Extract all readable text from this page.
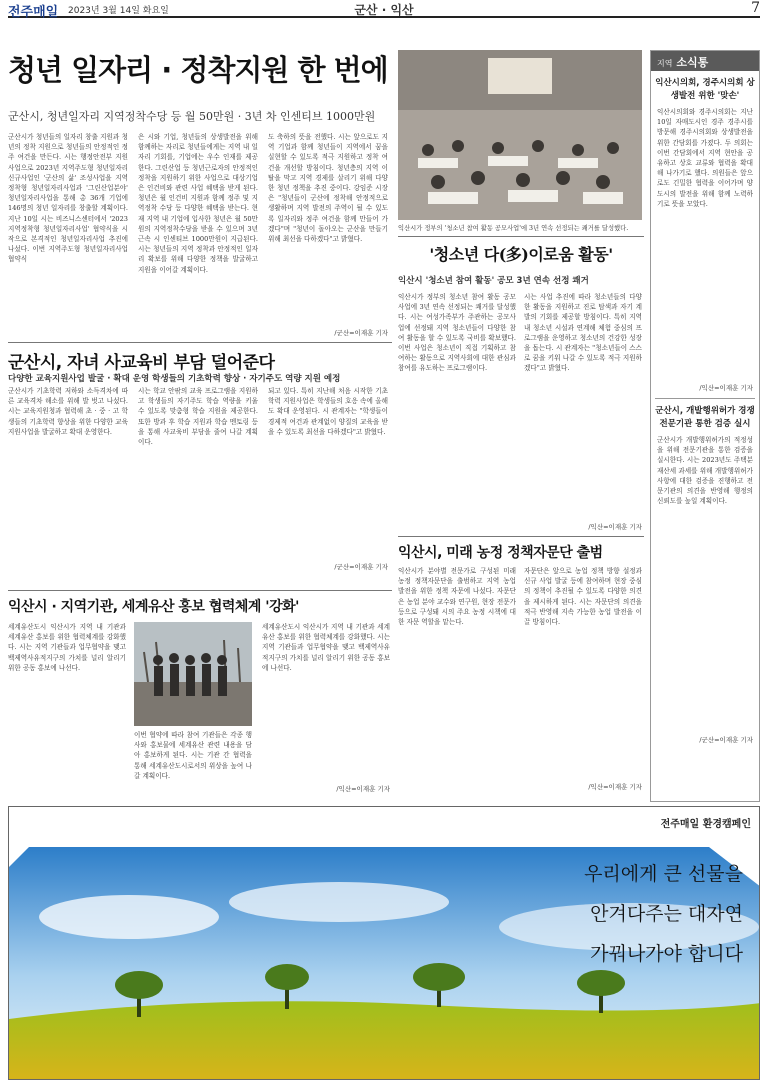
전주매일 2023년 3월 14일 화요일	군산 · 익산	7
청년 일자리 · 정착지원 한 번에
군산시, 청년일자리 지역정착수당 등 월 50만원 · 3년 차 인센티브 1000만원
군산시가 청년들의 일자리 창출 지원과 청년의 정착 지원으로 청년들의 안정적인 정주 여건을 만든다. 시는 행정안전부 지원사업으로 2023년 지역주도형 청년일자리 신규사업인 '군산의 삶' 조성사업을 지역정착형 청년일자리사업과 '그린산업분야' 청년일자리사업을 통해 총 36개 기업에 146명의 청년 일자리를 창출할 계획이다. 지난 10일 시는 비즈니스센터에서 '2023 지역정착형 청년일자리사업' 협약식을 시작으로 본격적인 청년일자리사업 추진에 나섰다. 이번 지역주도형 청년일자리사업 협약식
은 시와 기업, 청년들의 상생발전을 위해 함께하는 자리로 청년들에게는 지역 내 일자리 기회를, 기업에는 우수 인재를 제공한다. 그린산업 등 청년근로자의 안정적인 정착을 지원하기 위한 사업으로 대상기업은 인건비와 관련 사업 혜택을 받게 된다. 청년은 월 인건비 지원과 함께 정주 및 지역정착 수당 등 다양한 혜택을 받는다. 현재 지역 내 기업에 입사한 청년은 월 50만원의 지역정착수당을 받을 수 있으며 3년 근속 시 인센티브 1000만원이 지급된다. 시는 청년들의 지역 정착과 안정적인 일자리 확보를 위해 다양한 정책을 발굴하고 지원을 이어갈 계획이다.
도 축하의 뜻을 전했다. 시는 앞으로도 지역 기업과 함께 청년들이 지역에서 꿈을 실현할 수 있도록 적극 지원하고 정착 여건을 개선할 방침이다. 청년층의 지역 이탈을 막고 지역 경제를 살리기 위해 다양한 청년 정책을 추진 중이다. 강임준 시장은 "청년들이 군산에 정착해 안정적으로 생활하며 지역 발전의 주역이 될 수 있도록 일자리와 정주 여건을 함께 만들어 가겠다"며 "청년이 돌아오는 군산을 만들기 위해 최선을 다하겠다"고 밝혔다.
/군산=이재훈 기자
익산시가 정부의 '청소년 참여 활동 공모사업'에 3년 연속 선정되는 쾌거를 달성했다.
'청소년 다(多)이로움 활동'
익산시 '청소년 참여 활동' 공모 3년 연속 선정 쾌거
익산시가 정부의 청소년 참여 활동 공모사업에 3년 연속 선정되는 쾌거를 달성했다. 시는 여성가족부가 주관하는 공모사업에 선정돼 지역 청소년들이 다양한 참여 활동을 할 수 있도록 국비를 확보했다. 이번 사업은 청소년이 직접 기획하고 참여하는 활동으로 지역사회에 대한 관심과 참여를 유도하는 프로그램이다.
시는 사업 추진에 따라 청소년들의 다양한 활동을 지원하고 진로 탐색과 자기 계발의 기회를 제공할 방침이다. 특히 지역 내 청소년 시설과 연계해 체험 중심의 프로그램을 운영하고 청소년의 건강한 성장을 돕는다. 시 관계자는 "청소년들이 스스로 꿈을 키워 나갈 수 있도록 적극 지원하겠다"고 밝혔다.
/익산=이재훈 기자
군산시, 자녀 사교육비 부담 덜어준다
다양한 교육지원사업 발굴 · 확대 운영 학생들의 기초학력 향상 · 자기주도 역량 지원 예정
군산시가 기초학력 저하와 소득격차에 따른 교육격차 해소를 위해 발 벗고 나섰다. 시는 교육지원청과 협력해 초 · 중 · 고 학생들의 기초학력 향상을 위한 다양한 교육지원사업을 발굴하고 확대 운영한다.
시는 학교 안팎의 교육 프로그램을 지원하고 학생들의 자기주도 학습 역량을 키울 수 있도록 맞춤형 학습 지원을 제공한다. 또한 방과 후 학습 지원과 학습 멘토링 등을 통해 사교육비 부담을 줄여 나갈 계획이다.
되고 있다. 특히 지난해 처음 시작한 기초학력 지원사업은 학생들의 호응 속에 올해도 확대 운영된다. 시 관계자는 "학생들이 경제적 여건과 관계없이 양질의 교육을 받을 수 있도록 최선을 다하겠다"고 밝혔다.
/군산=이재훈 기자
익산시, 미래 농정 정책자문단 출범
익산시가 분야별 전문가로 구성된 미래 농정 정책자문단을 출범하고 지역 농업 발전을 위한 정책 자문에 나섰다. 자문단은 농업 분야 교수와 연구원, 현장 전문가 등으로 구성돼 시의 주요 농정 시책에 대한 자문 역할을 맡는다.
자문단은 앞으로 농업 정책 방향 설정과 신규 사업 발굴 등에 참여하며 현장 중심의 정책이 추진될 수 있도록 다양한 의견을 제시하게 된다. 시는 자문단의 의견을 적극 반영해 지속 가능한 농업 발전을 이끌 방침이다.
/익산=이재훈 기자
익산시 · 지역기관, 세계유산 홍보 협력체계 '강화'
세계유산도시 익산시가 지역 내 기관과 세계유산 홍보를 위한 협력체계를 강화했다. 시는 지역 기관들과 업무협약을 맺고 백제역사유적지구의 가치를 널리 알리기 위한 공동 홍보에 나선다.
이번 협약에 따라 참여 기관들은 각종 행사와 홍보물에 세계유산 관련 내용을 담아 홍보하게 된다. 시는 기관 간 협력을 통해 세계유산도시로서의 위상을 높여 나갈 계획이다.
세계유산도시 익산시가 지역 내 기관과 세계유산 홍보를 위한 협력체계를 강화했다. 시는 지역 기관들과 업무협약을 맺고 백제역사유적지구의 가치를 널리 알리기 위한 공동 홍보에 나선다.
/익산=이재훈 기자
지역 소식통
익산시의회, 경주시의회 상생발전 위한 '맞손'
익산시의회와 경주시의회는 지난 10일 자매도시인 경주 경주시를 방문해 경주시의회와 상생발전을 위한 간담회를 가졌다. 두 의회는 이번 간담회에서 지역 현안을 공유하고 상호 교류와 협력을 확대해 나가기로 했다. 의원들은 앞으로도 긴밀한 협력을 이어가며 양 도시의 발전을 위해 함께 노력하기로 뜻을 모았다.
/익산=이재훈 기자
군산시, 개발행위허가 경쟁 전문기관 통한 검증 실시
군산시가 개발행위허가의 적정성을 위해 전문기관을 통한 검증을 실시한다. 시는 2023년도 주택분 재산세 과세를 위해 개발행위허가 사항에 대한 검증을 진행하고 전문기관의 의견을 반영해 행정의 신뢰도를 높일 계획이다.
/군산=이재훈 기자
전주매일 환경캠페인
우리에게 큰 선물을
안겨다주는 대자연
가꿔나가야 합니다
